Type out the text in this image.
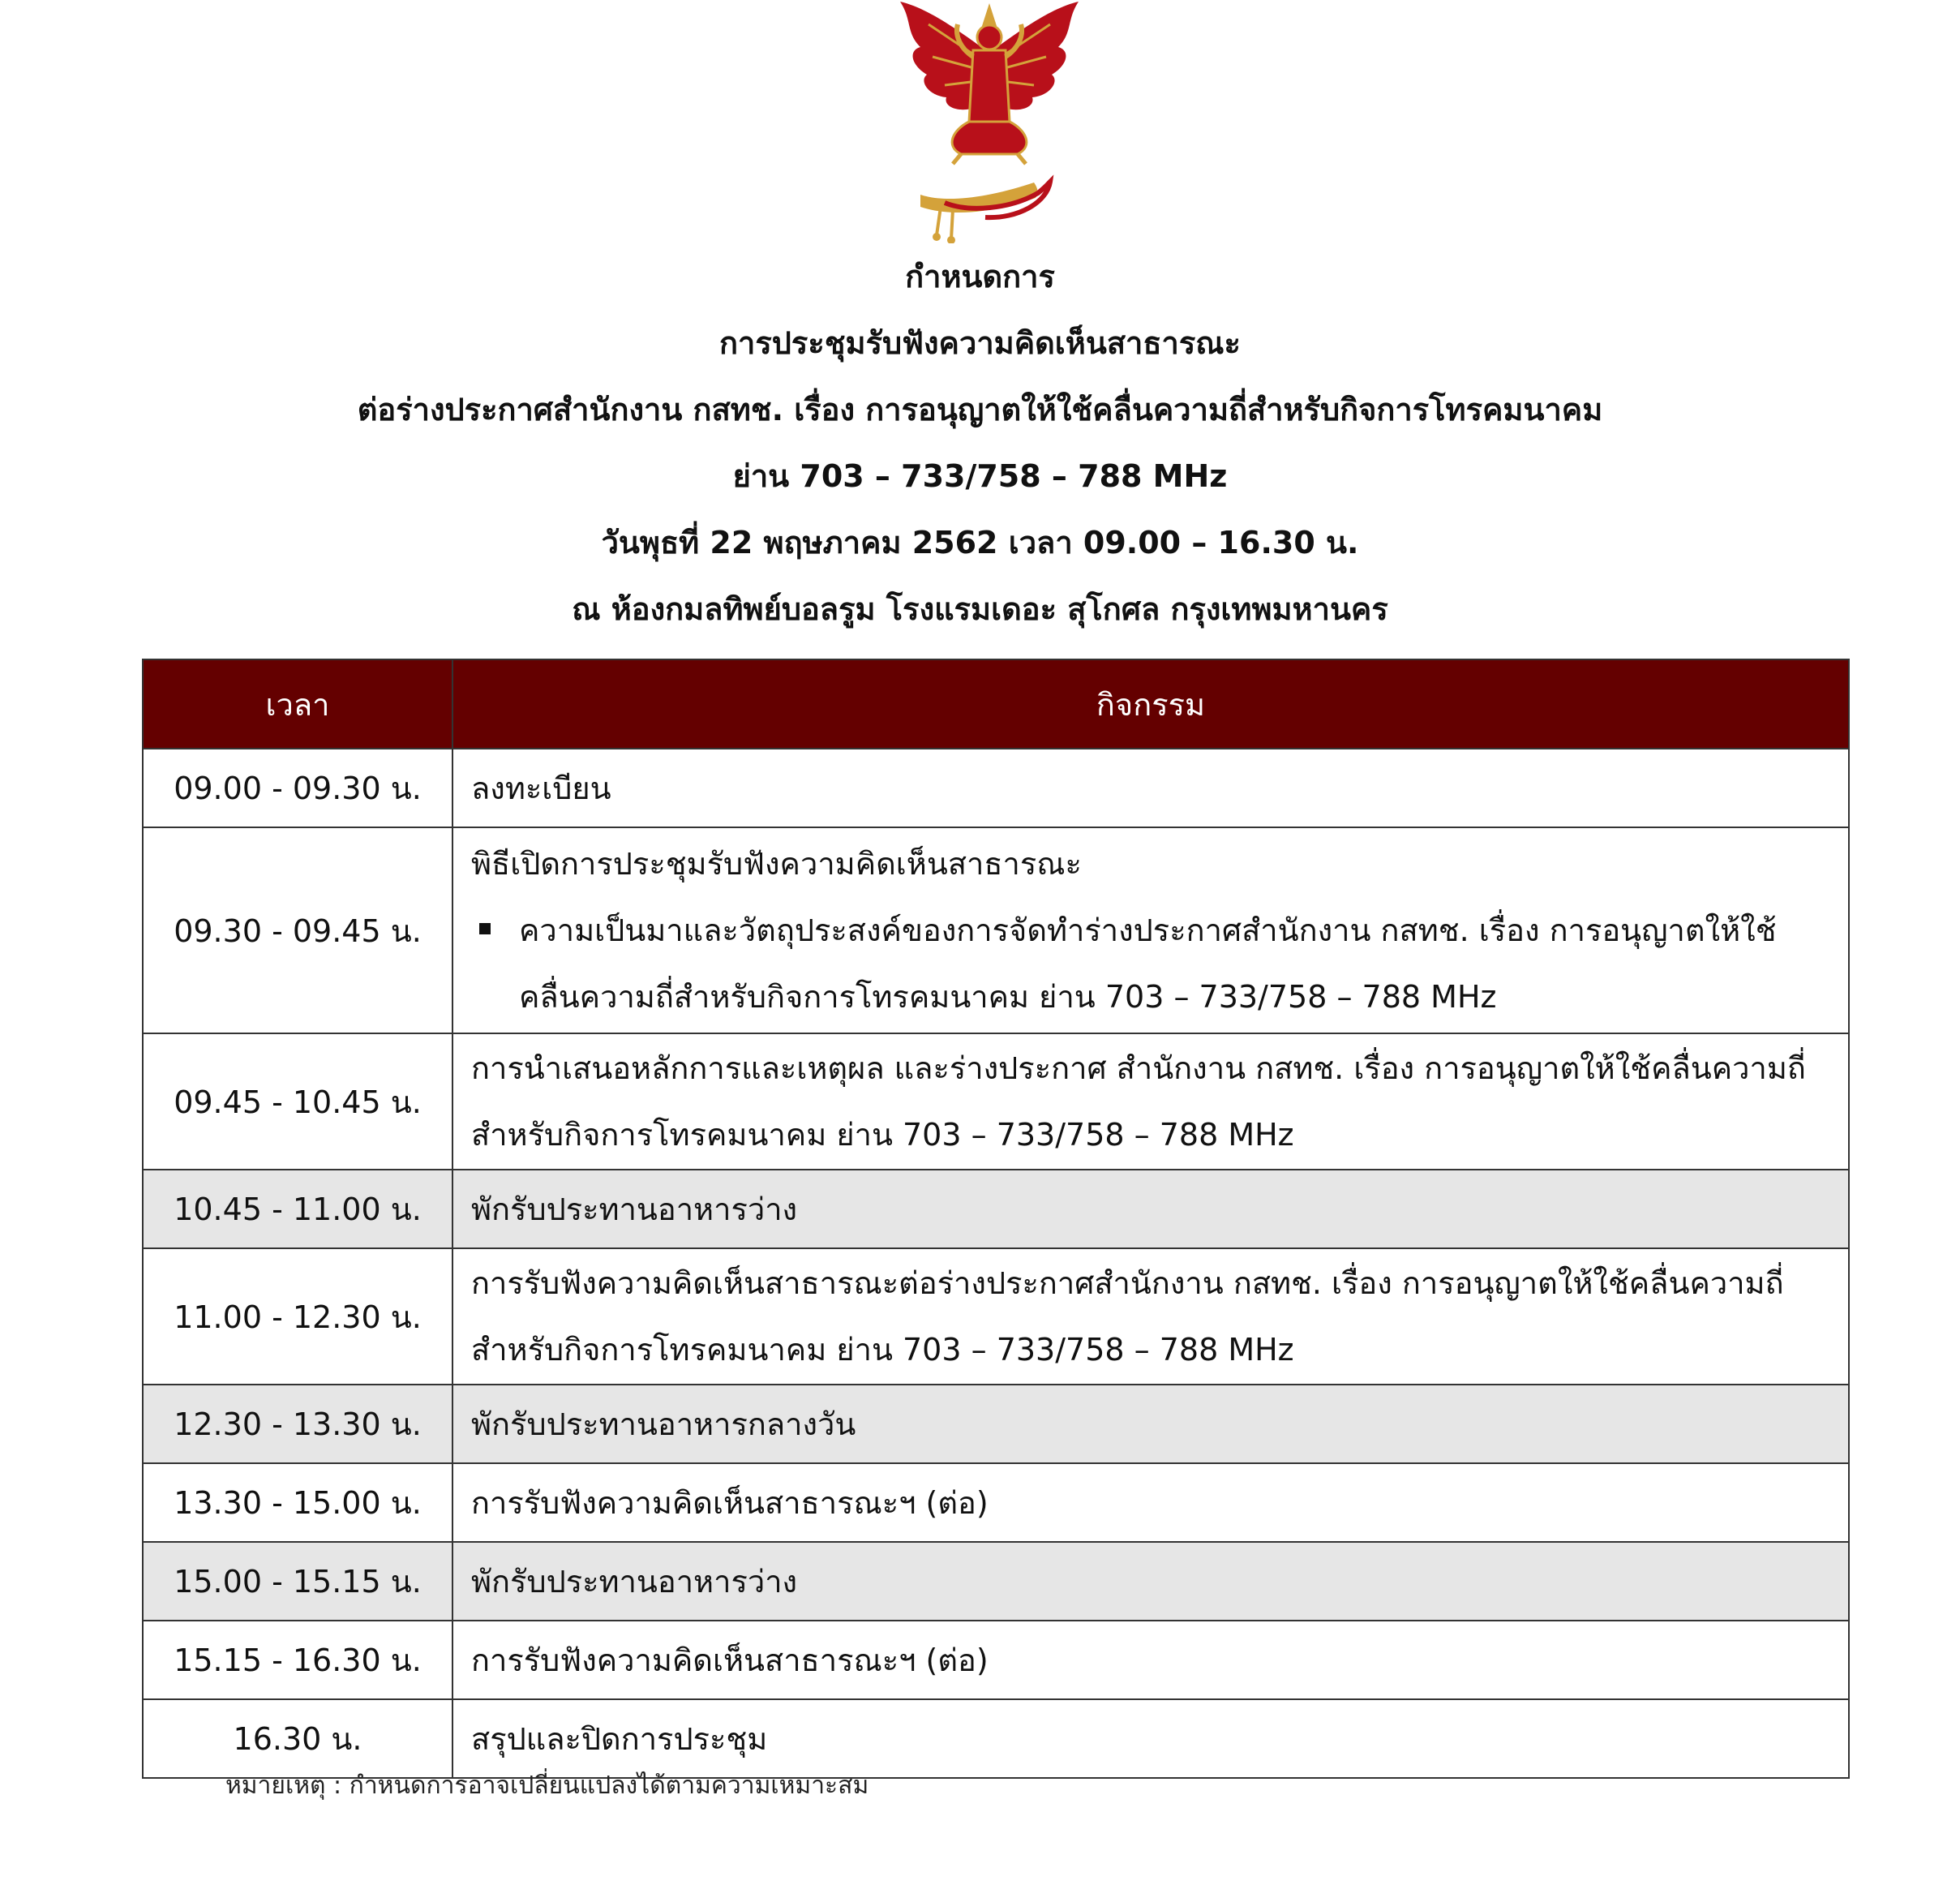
กำหนดการ
การประชุมรับฟังความคิดเห็นสาธารณะ
ต่อร่างประกาศสำนักงาน กสทช. เรื่อง การอนุญาตให้ใช้คลื่นความถี่สำหรับกิจการโทรคมนาคม
ย่าน 703 – 733/758 – 788 MHz
วันพุธที่ 22 พฤษภาคม 2562 เวลา 09.00 – 16.30 น.
ณ ห้องกมลทิพย์บอลรูม โรงแรมเดอะ สุโกศล กรุงเทพมหานคร
เวลา	กิจกรรม
09.00 - 09.30 น.	ลงทะเบียน
09.30 - 09.45 น.	พิธีเปิดการประชุมรับฟังความคิดเห็นสาธารณะ
ความเป็นมาและวัตถุประสงค์ของการจัดทำร่างประกาศสำนักงาน กสทช. เรื่อง การอนุญาตให้ใช้คลื่นความถี่สำหรับกิจการโทรคมนาคม ย่าน 703 – 733/758 – 788 MHz

09.45 - 10.45 น.	การนำเสนอหลักการและเหตุผล และร่างประกาศ สำนักงาน กสทช. เรื่อง การอนุญาตให้ใช้คลื่นความถี่สำหรับกิจการโทรคมนาคม ย่าน 703 – 733/758 – 788 MHz
10.45 - 11.00 น.	พักรับประทานอาหารว่าง
11.00 - 12.30 น.	การรับฟังความคิดเห็นสาธารณะต่อร่างประกาศสำนักงาน กสทช. เรื่อง การอนุญาตให้ใช้คลื่นความถี่สำหรับกิจการโทรคมนาคม ย่าน 703 – 733/758 – 788 MHz
12.30 - 13.30 น.	พักรับประทานอาหารกลางวัน
13.30 - 15.00 น.	การรับฟังความคิดเห็นสาธารณะฯ (ต่อ)
15.00 - 15.15 น.	พักรับประทานอาหารว่าง
15.15 - 16.30 น.	การรับฟังความคิดเห็นสาธารณะฯ (ต่อ)
16.30 น.	สรุปและปิดการประชุม
หมายเหตุ : กำหนดการอาจเปลี่ยนแปลงได้ตามความเหมาะสม
